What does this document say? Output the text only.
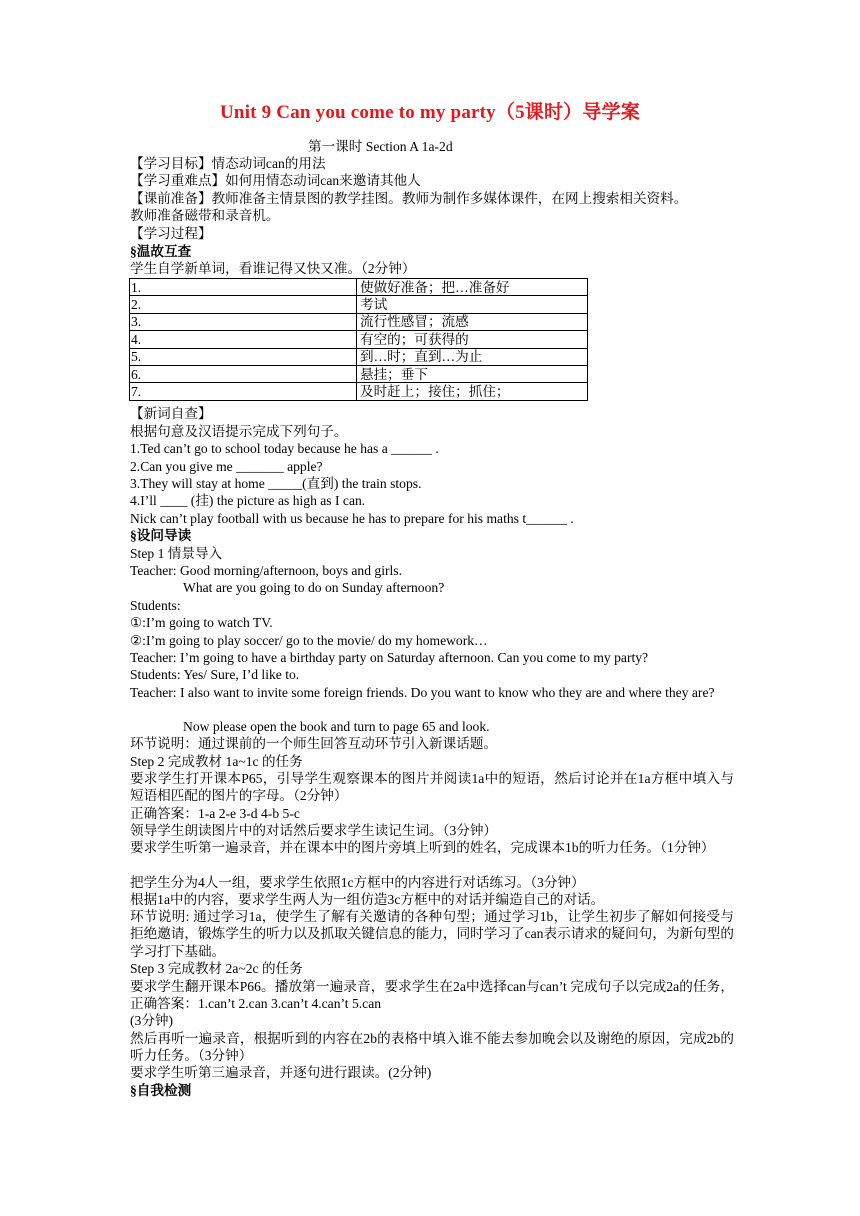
Unit 9 Can you come to my party（5课时）导学案
第一课时 Section A 1a-2d
【学习目标】情态动词can的用法
【学习重难点】如何用情态动词can来邀请其他人
【课前准备】教师准备主情景图的教学挂图。教师为制作多媒体课件，在网上搜索相关资料。
教师准备磁带和录音机。
【学习过程】
§温故互查
学生自学新单词，看谁记得又快又准。（2分钟）
1.	使做好准备；把…准备好
2.	考试
3.	流行性感冒；流感
4.	有空的；可获得的
5.	到…时；直到…为止
6.	悬挂；垂下
7.	及时赶上；接住；抓住；
【新词自查】
根据句意及汉语提示完成下列句子。
1.Ted can’t go to school today because he has a ______ .
2.Can you give me _______ apple?
3.They will stay at home _____(直到) the train stops.
4.I’ll ____ (挂) the picture as high as I can.
Nick can’t play football with us because he has to prepare for his maths t______ .
§设问导读
Step 1 情景导入
Teacher: Good morning/afternoon, boys and girls.
What are you going to do on Sunday afternoon?
Students:
①:I’m going to watch TV.
②:I’m going to play soccer/ go to the movie/ do my homework…
Teacher: I’m going to have a birthday party on Saturday afternoon. Can you come to my party?
Students: Yes/ Sure, I’d like to.
Teacher: I also want to invite some foreign friends. Do you want to know who they are and where they are?
Now please open the book and turn to page 65 and look.
环节说明：通过课前的一个师生回答互动环节引入新课话题。
Step 2 完成教材 1a~1c 的任务
要求学生打开课本P65，引导学生观察课本的图片并阅读1a中的短语，然后讨论并在1a方框中填入与短语相匹配的图片的字母。（2分钟）
正确答案：1-a 2-e 3-d 4-b 5-c
领导学生朗读图片中的对话然后要求学生读记生词。（3分钟）
要求学生听第一遍录音，并在课本中的图片旁填上听到的姓名，完成课本1b的听力任务。（1分钟）
把学生分为4人一组，要求学生依照1c方框中的内容进行对话练习。（3分钟）
根据1a中的内容，要求学生两人为一组仿造3c方框中的对话并编造自己的对话。
环节说明: 通过学习1a，使学生了解有关邀请的各种句型；通过学习1b，让学生初步了解如何接受与拒绝邀请，锻炼学生的听力以及抓取关键信息的能力，同时学习了can表示请求的疑问句，为新句型的学习打下基础。
Step 3 完成教材 2a~2c 的任务
要求学生翻开课本P66。播放第一遍录音，要求学生在2a中选择can与can’t 完成句子以完成2a的任务，正确答案：1.can’t 2.can 3.can’t 4.can’t 5.can
(3分钟)
然后再听一遍录音，根据听到的内容在2b的表格中填入谁不能去参加晚会以及谢绝的原因，完成2b的听力任务。（3分钟）
要求学生听第三遍录音，并逐句进行跟读。(2分钟)
§自我检测
